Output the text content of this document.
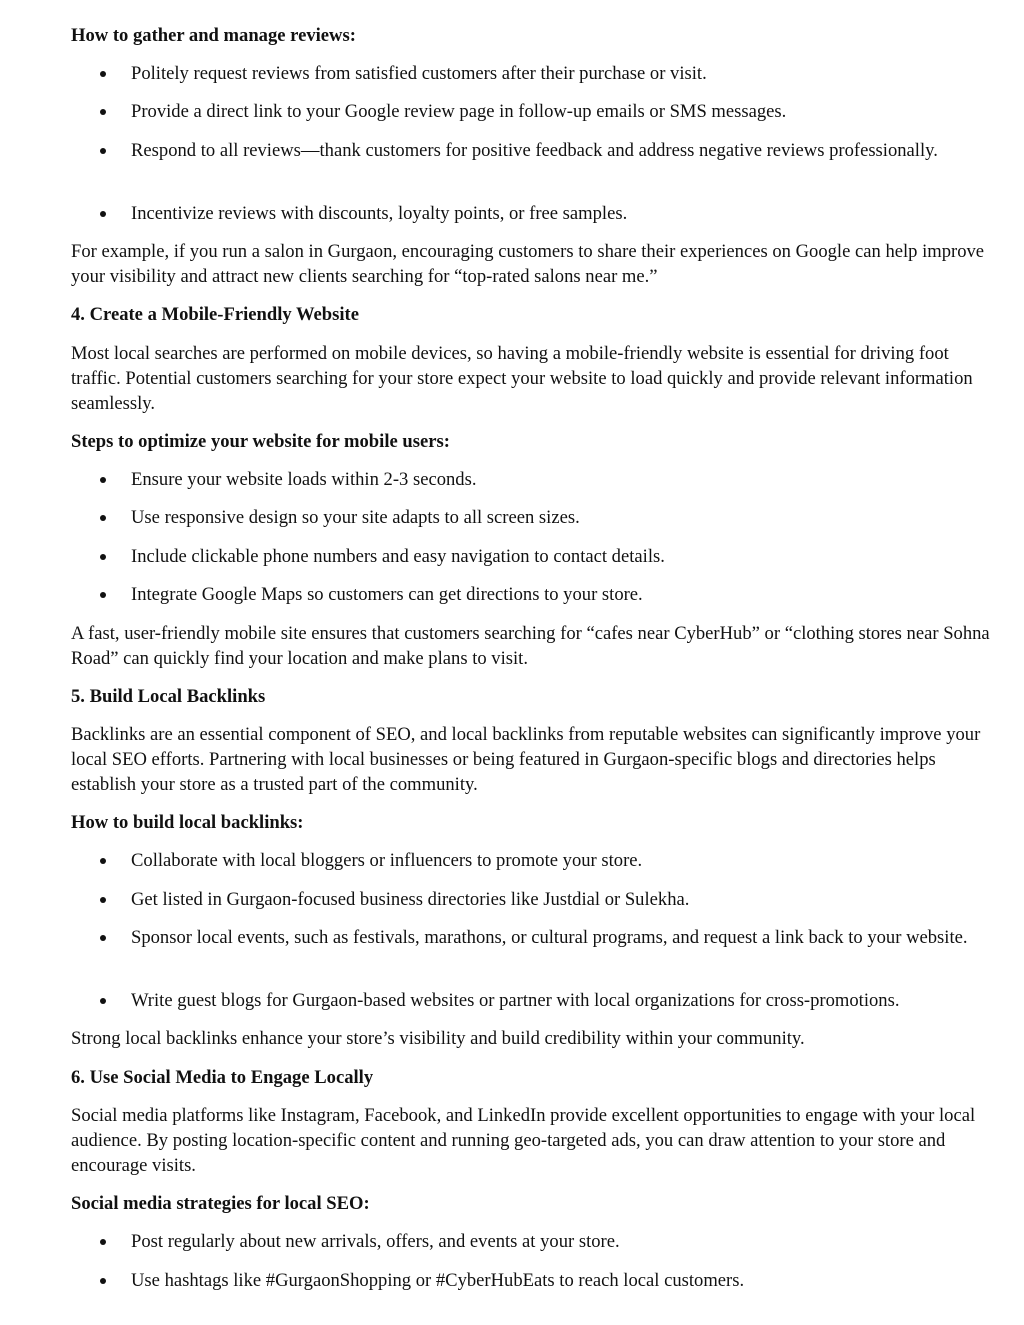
How to gather and manage reviews:

Politely request reviews from satisfied customers after their purchase or visit.
Provide a direct link to your Google review page in follow-up emails or SMS messages.
Respond to all reviews—thank customers for positive feedback and address negative reviews professionally.
Incentivize reviews with discounts, loyalty points, or free samples.

For example, if you run a salon in Gurgaon, encouraging customers to share their experiences on Google can help improve your visibility and attract new clients searching for “top-rated salons near me.”

4. Create a Mobile-Friendly Website

Most local searches are performed on mobile devices, so having a mobile-friendly website is essential for driving foot traffic. Potential customers searching for your store expect your website to load quickly and provide relevant information seamlessly.

Steps to optimize your website for mobile users:

Ensure your website loads within 2-3 seconds.
Use responsive design so your site adapts to all screen sizes.
Include clickable phone numbers and easy navigation to contact details.
Integrate Google Maps so customers can get directions to your store.

A fast, user-friendly mobile site ensures that customers searching for “cafes near CyberHub” or “clothing stores near Sohna Road” can quickly find your location and make plans to visit.

5. Build Local Backlinks

Backlinks are an essential component of SEO, and local backlinks from reputable websites can significantly improve your local SEO efforts. Partnering with local businesses or being featured in Gurgaon-specific blogs and directories helps establish your store as a trusted part of the community.

How to build local backlinks:

Collaborate with local bloggers or influencers to promote your store.
Get listed in Gurgaon-focused business directories like Justdial or Sulekha.
Sponsor local events, such as festivals, marathons, or cultural programs, and request a link back to your website.
Write guest blogs for Gurgaon-based websites or partner with local organizations for cross-promotions.

Strong local backlinks enhance your store’s visibility and build credibility within your community.

6. Use Social Media to Engage Locally

Social media platforms like Instagram, Facebook, and LinkedIn provide excellent opportunities to engage with your local audience. By posting location-specific content and running geo-targeted ads, you can draw attention to your store and encourage visits.

Social media strategies for local SEO:

Post regularly about new arrivals, offers, and events at your store.
Use hashtags like #GurgaonShopping or #CyberHubEats to reach local customers.
